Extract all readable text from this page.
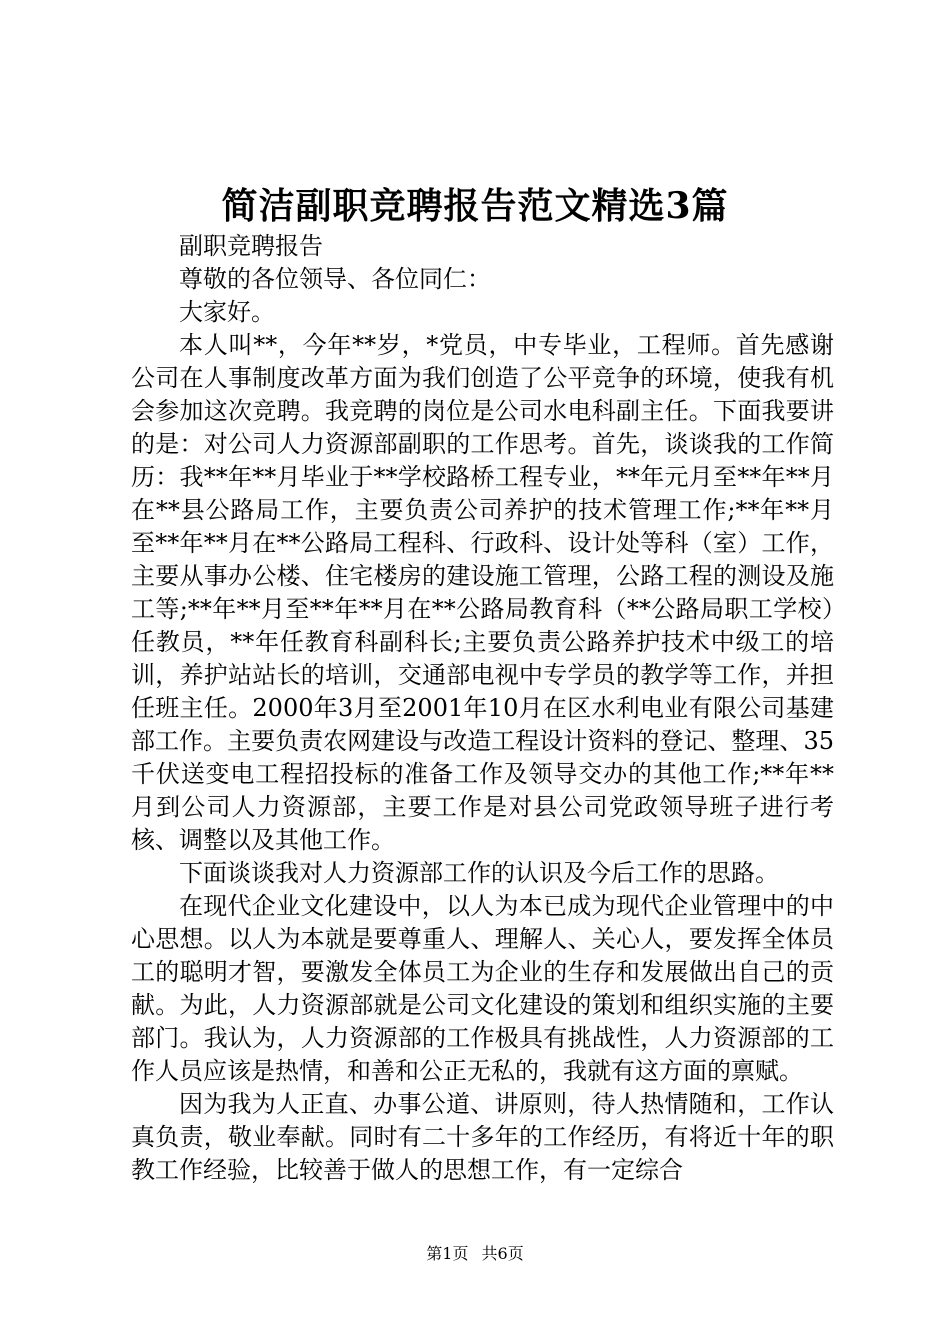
简洁副职竞聘报告范文精选3篇

副职竞聘报告

尊敬的各位领导、各位同仁：

大家好。

本人叫**，今年**岁，*党员，中专毕业，工程师。首先感谢公司在人事制度改革方面为我们创造了公平竞争的环境，使我有机会参加这次竞聘。我竞聘的岗位是公司水电科副主任。下面我要讲的是：对公司人力资源部副职的工作思考。首先，谈谈我的工作简历：我**年**月毕业于**学校路桥工程专业，**年元月至**年**月在**县公路局工作，主要负责公司养护的技术管理工作;**年**月至**年**月在**公路局工程科、行政科、设计处等科（室）工作，主要从事办公楼、住宅楼房的建设施工管理，公路工程的测设及施工等;**年**月至**年**月在**公路局教育科（**公路局职工学校）任教员，**年任教育科副科长;主要负责公路养护技术中级工的培训，养护站站长的培训，交通部电视中专学员的教学等工作，并担任班主任。2000年3月至2001年10月在区水利电业有限公司基建部工作。主要负责农网建设与改造工程设计资料的登记、整理、35千伏送变电工程招投标的准备工作及领导交办的其他工作;**年**月到公司人力资源部，主要工作是对县公司党政领导班子进行考核、调整以及其他工作。

下面谈谈我对人力资源部工作的认识及今后工作的思路。

在现代企业文化建设中，以人为本已成为现代企业管理中的中心思想。以人为本就是要尊重人、理解人、关心人，要发挥全体员工的聪明才智，要激发全体员工为企业的生存和发展做出自己的贡献。为此，人力资源部就是公司文化建设的策划和组织实施的主要部门。我认为，人力资源部的工作极具有挑战性，人力资源部的工作人员应该是热情，和善和公正无私的，我就有这方面的禀赋。

因为我为人正直、办事公道、讲原则，待人热情随和，工作认真负责，敬业奉献。同时有二十多年的工作经历，有将近十年的职教工作经验，比较善于做人的思想工作，有一定综合

第1页 共6页
